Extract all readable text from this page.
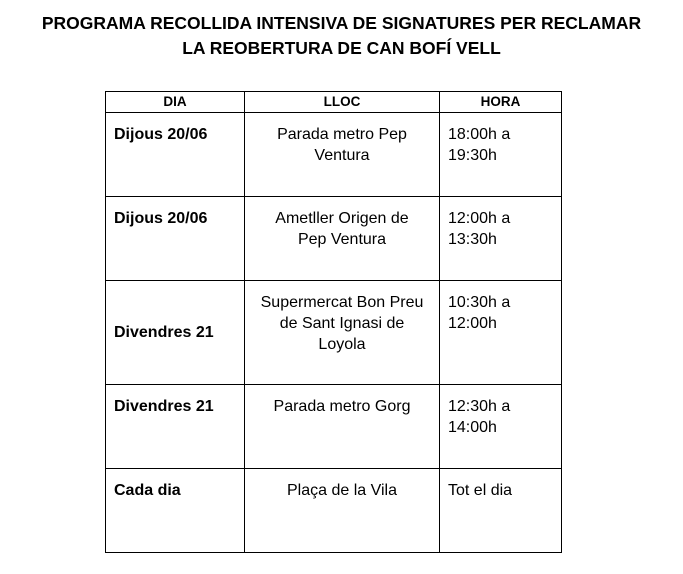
PROGRAMA RECOLLIDA INTENSIVA DE SIGNATURES PER RECLAMAR
LA REOBERTURA DE CAN BOFÍ VELL
DIA	LLOC	HORA
Dijous 20/06	Parada metro Pep Ventura	18:00h a 19:30h

Dijous 20/06	Ametller Origen de Pep Ventura	12:00h a 13:30h

Divendres 21	Supermercat Bon Preu de Sant Ignasi de Loyola	10:30h a 12:00h

Divendres 21	Parada metro Gorg	12:30h a 14:00h

Cada dia	Plaça de la Vila	Tot el dia
